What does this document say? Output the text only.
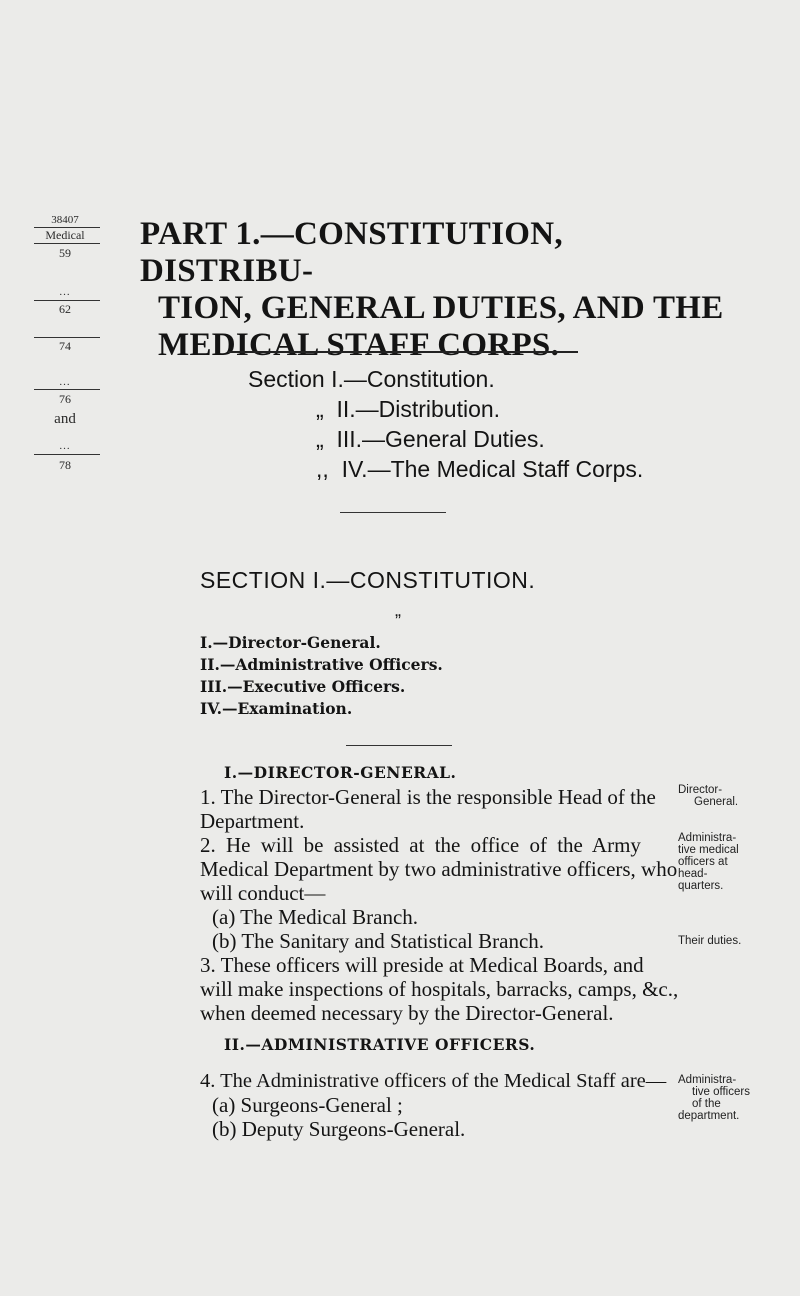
38407
Medical
59
...
62
74
...
76
and
...
78
PART 1.—CONSTITUTION, DISTRIBU-
TION, GENERAL DUTIES, AND THE
MEDICAL STAFF CORPS.
Section I.—Constitution.
„ II.—Distribution.
„ III.—General Duties.
,, IV.—The Medical Staff Corps.
SECTION I.—CONSTITUTION.
„
I.—Director-General.
II.—Administrative Officers.
III.—Executive Officers.
IV.—Examination.
I.—DIRECTOR-GENERAL.
1. The Director-General is the responsible Head of the
Department.
2. He will be assisted at the office of the Army
Medical Department by two administrative officers, who
will conduct—
(a) The Medical Branch.
(b) The Sanitary and Statistical Branch.
3. These officers will preside at Medical Boards, and
will make inspections of hospitals, barracks, camps, &c.,
when deemed necessary by the Director-General.
Director-
General.
Administra-
tive medical
officers at
head-
quarters.
Their duties.
II.—ADMINISTRATIVE OFFICERS.
4. The Administrative officers of the Medical Staff are—
(a) Surgeons-General ;
(b) Deputy Surgeons-General.
Administra-
tive officers
of the
department.
